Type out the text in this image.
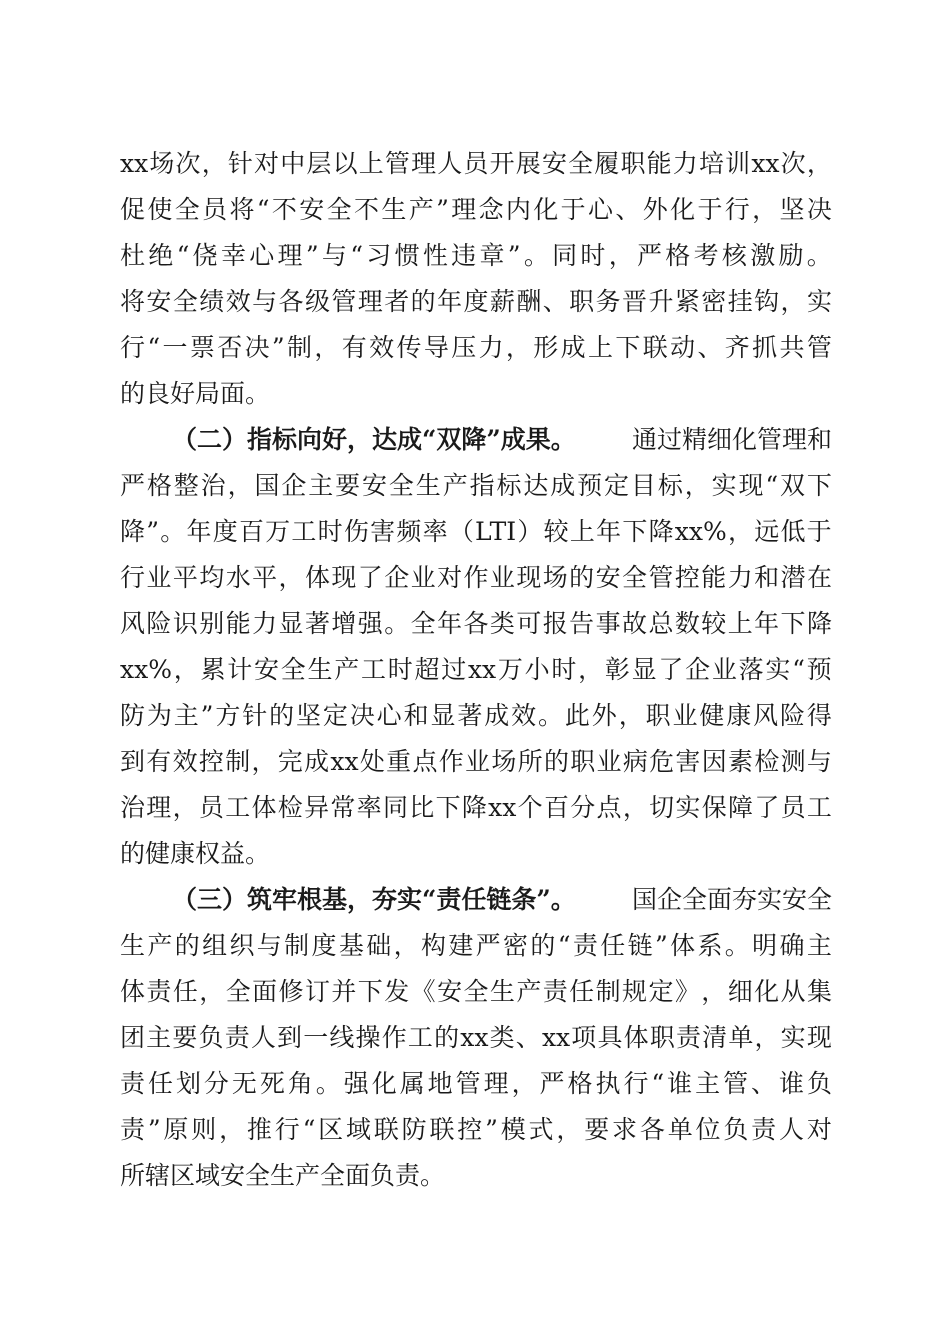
xx 场 次 ， 针 对 中 层 以 上 管 理 人 员 开 展 安 全 履 职 能 力 培 训 xx 次 ，
促 使 全 员 将 “ 不 安 全 不 生 产 ” 理 念 内 化 于 心 、 外 化 于 行 ， 坚 决
杜 绝 “ 侥 幸 心 理 ” 与 “ 习 惯 性 违 章 ” 。 同 时 ， 严 格 考 核 激 励 。
将 安 全 绩 效 与 各 级 管 理 者 的 年 度 薪 酬 、 职 务 晋 升 紧 密 挂 钩 ， 实
行 “ 一 票 否 决 ” 制 ， 有 效 传 导 压 力 ， 形 成 上 下 联 动 、 齐 抓 共 管
的良好局面。
（二）指标向好，达成“双降”成果。 通过精细化管理和
严 格 整 治 ， 国 企 主 要 安 全 生 产 指 标 达 成 预 定 目 标 ， 实 现 “ 双 下
降 ” 。 年 度 百 万 工 时 伤 害 频 率 （ LTI ） 较 上 年 下 降 xx% ， 远 低 于
行 业 平 均 水 平 ， 体 现 了 企 业 对 作 业 现 场 的 安 全 管 控 能 力 和 潜 在
风 险 识 别 能 力 显 著 增 强 。 全 年 各 类 可 报 告 事 故 总 数 较 上 年 下 降
xx% ， 累 计 安 全 生 产 工 时 超 过 xx 万 小 时 ， 彰 显 了 企 业 落 实 “ 预
防 为 主 ” 方 针 的 坚 定 决 心 和 显 著 成 效 。 此 外 ， 职 业 健 康 风 险 得
到 有 效 控 制 ， 完 成 xx 处 重 点 作 业 场 所 的 职 业 病 危 害 因 素 检 测 与
治 理 ， 员 工 体 检 异 常 率 同 比 下 降 xx 个 百 分 点 ， 切 实 保 障 了 员 工
的健康权益。
（三）筑牢根基，夯实“责任链条”。 国企全面夯实安全
生 产 的 组 织 与 制 度 基 础 ， 构 建 严 密 的 “ 责 任 链 ” 体 系 。 明 确 主
体 责 任 ， 全 面 修 订 并 下 发 《 安 全 生 产 责 任 制 规 定 》 ， 细 化 从 集
团 主 要 负 责 人 到 一 线 操 作 工 的 xx 类 、 xx 项 具 体 职 责 清 单 ， 实 现
责 任 划 分 无 死 角 。 强 化 属 地 管 理 ， 严 格 执 行 “ 谁 主 管 、 谁 负
责 ” 原 则 ， 推 行 “ 区 域 联 防 联 控 ” 模 式 ， 要 求 各 单 位 负 责 人 对
所辖区域安全生产全面负责。
